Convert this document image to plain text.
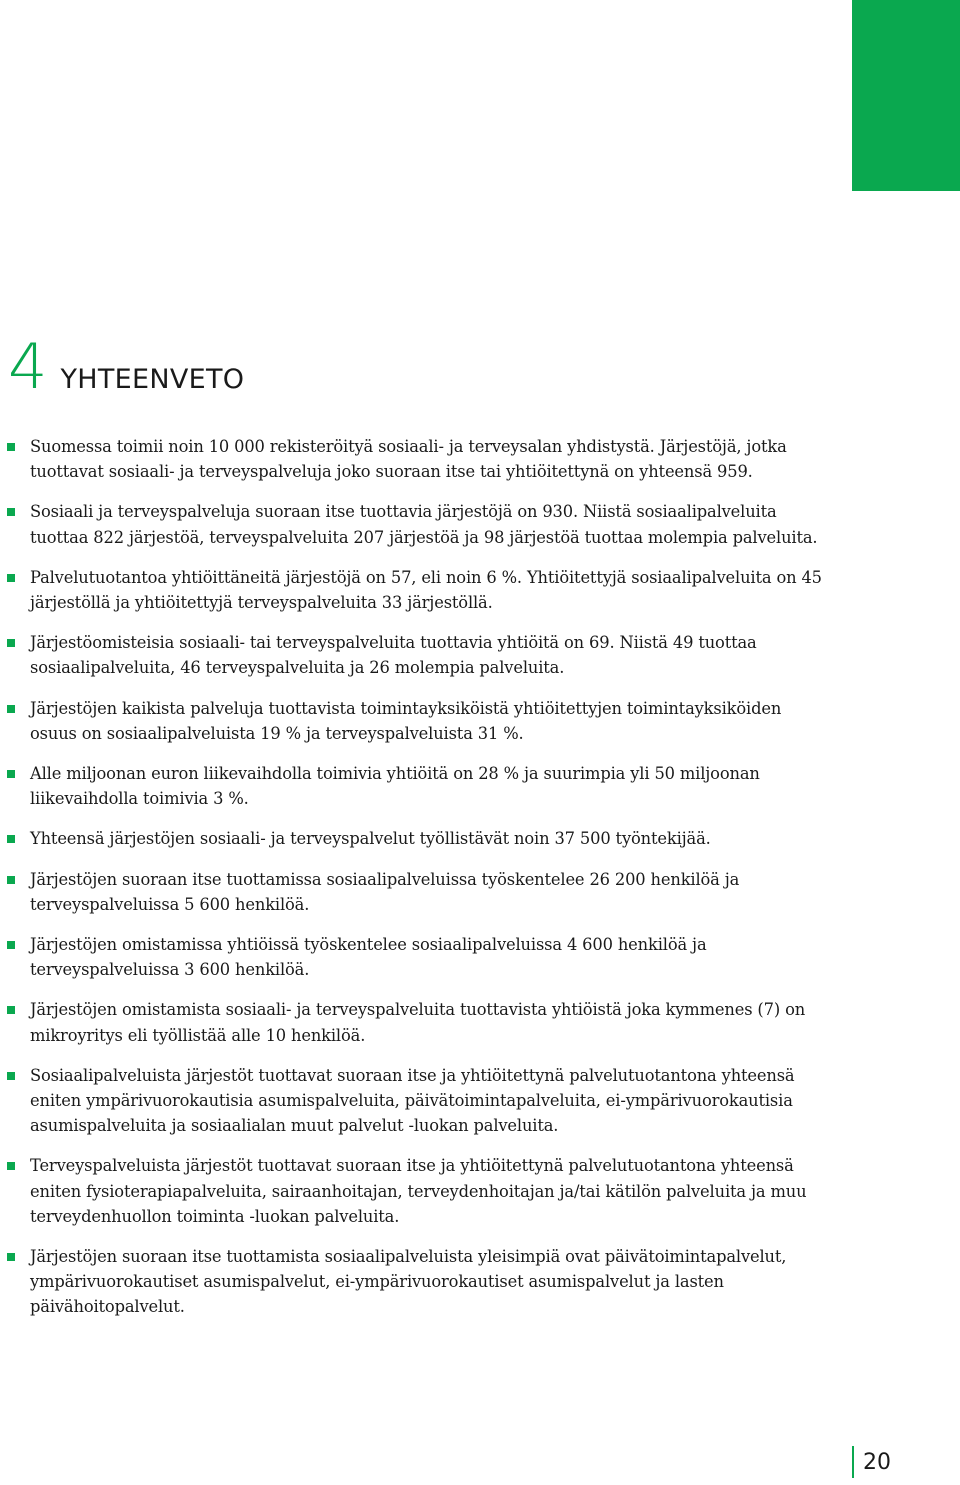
4 YHTEENVETO
Suomessa toimii noin 10 000 rekisteröityä sosiaali- ja terveysalan yhdistystä. Järjestöjä, jotka tuottavat sosiaali- ja terveyspalveluja joko suoraan itse tai yhtiöitettynä on yhteensä 959.
Sosiaali ja terveyspalveluja suoraan itse tuottavia järjestöjä on 930. Niistä sosiaalipalveluita tuottaa 822 järjestöä, terveyspalveluita 207 järjestöä ja 98 järjestöä tuottaa molempia palveluita.
Palvelutuotantoa yhtiöittäneitä järjestöjä on 57, eli noin 6 %. Yhtiöitettyjä sosiaalipalveluita on 45 järjestöllä ja yhtiöitettyjä terveyspalveluita 33 järjestöllä.
Järjestöomisteisia sosiaali- tai terveyspalveluita tuottavia yhtiöitä on 69. Niistä 49 tuottaa sosiaalipalveluita, 46 terveyspalveluita ja 26 molempia palveluita.
Järjestöjen kaikista palveluja tuottavista toimintayksiköistä yhtiöitettyjen toimintayksiköiden osuus on sosiaalipalveluista 19 % ja terveyspalveluista 31 %.
Alle miljoonan euron liikevaihdolla toimivia yhtiöitä on 28 % ja suurimpia yli 50 miljoonan liikevaihdolla toimivia 3 %.
Yhteensä järjestöjen sosiaali- ja terveyspalvelut työllistävät noin 37 500 työntekijää.
Järjestöjen suoraan itse tuottamissa sosiaalipalveluissa työskentelee 26 200 henkilöä ja terveyspalveluissa 5 600 henkilöä.
Järjestöjen omistamissa yhtiöissä työskentelee sosiaalipalveluissa 4 600 henkilöä ja terveyspalveluissa 3 600 henkilöä.
Järjestöjen omistamista sosiaali- ja terveyspalveluita tuottavista yhtiöistä joka kymmenes (7) on mikroyritys eli työllistää alle 10 henkilöä.
Sosiaalipalveluista järjestöt tuottavat suoraan itse ja yhtiöitettynä palvelutuotantona yhteensä eniten ympärivuorokautisia asumispalveluita, päivätoimintapalveluita, ei-ympärivuorokautisia asumispalveluita ja sosiaalialan muut palvelut -luokan palveluita.
Terveyspalveluista järjestöt tuottavat suoraan itse ja yhtiöitettynä palvelutuotantona yhteensä eniten fysioterapiapalveluita, sairaanhoitajan, terveydenhoitajan ja/tai kätilön palveluita ja muu terveydenhuollon toiminta -luokan palveluita.
Järjestöjen suoraan itse tuottamista sosiaalipalveluista yleisimpiä ovat päivätoimintapalvelut, ympärivuorokautiset asumispalvelut, ei-ympärivuorokautiset asumispalvelut ja lasten päivähoitopalvelut.
20
